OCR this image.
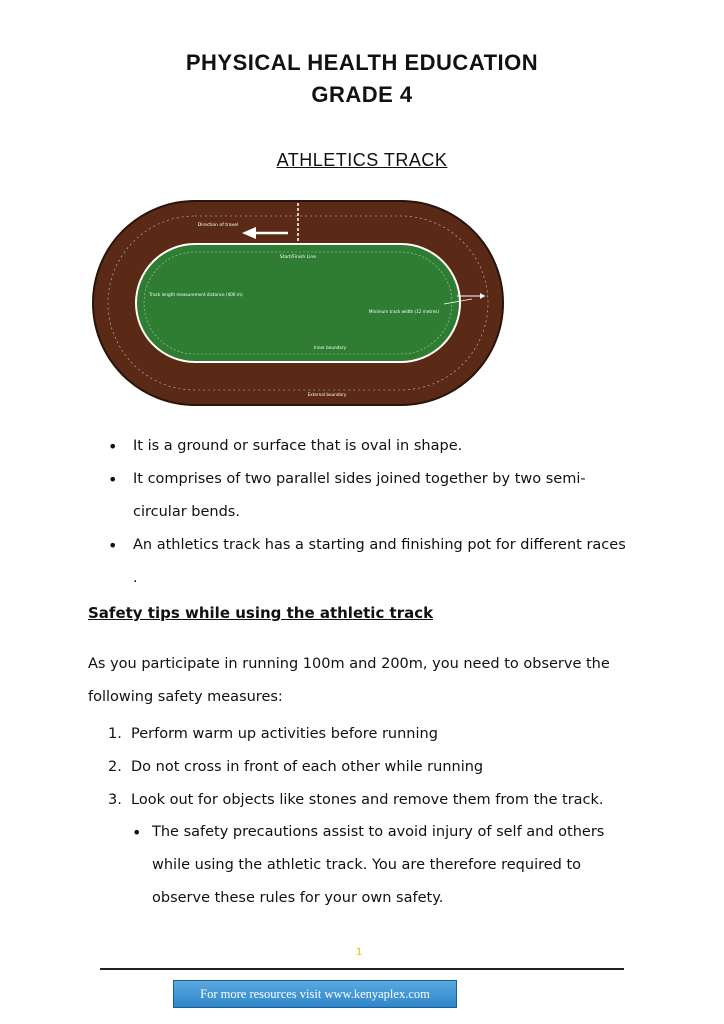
PHYSICAL HEALTH EDUCATION
GRADE 4
ATHLETICS TRACK
Direction of travel
Start/Finish Line
Track length measurement distance (400 m)
Minimum track width (12 metres)
Inner boundary
External boundary
• It is a ground or surface that is oval in shape.
• It comprises of two parallel sides joined together by two semi-circular bends.
• An athletics track has a starting and finishing pot for different races .
Safety tips while using the athletic track
As you participate in running 100m and 200m, you need to observe the following safety measures:
1. Perform warm up activities before running
2. Do not cross in front of each other while running
3. Look out for objects like stones and remove them from the track.
• The safety precautions assist to avoid injury of self and others while using the athletic track. You are therefore required to observe these rules for your own safety.
1
For more resources visit www.kenyaplex.com
